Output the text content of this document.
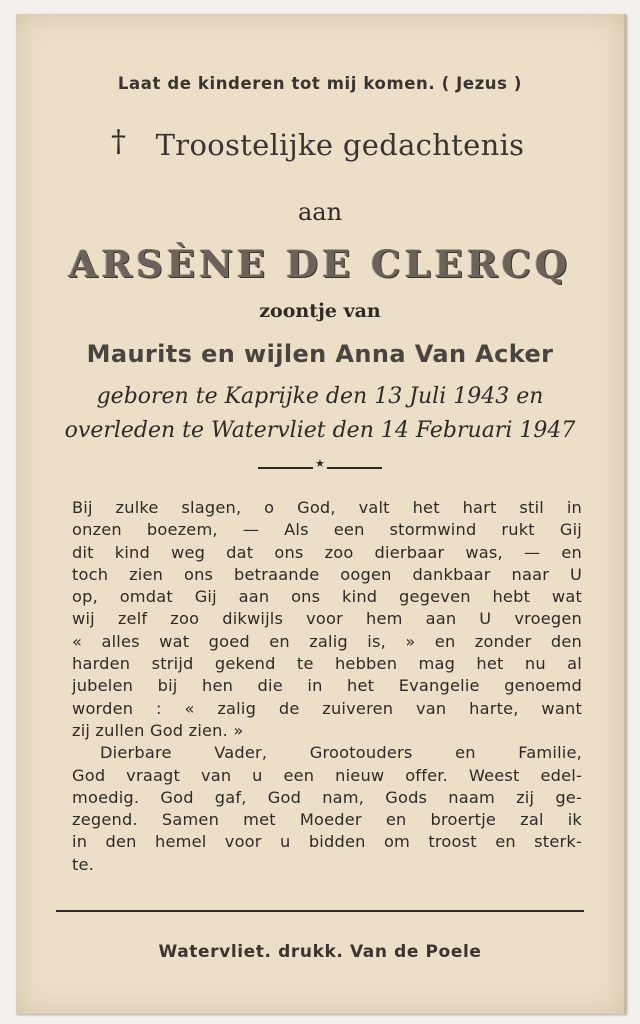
Laat de kinderen tot mij komen. ( Jezus )
†	Troostelijke gedachtenis
aan
ARSÈNE DE CLERCQ
zoontje van
Maurits en wijlen Anna Van Acker
geboren te Kaprijke den 13 Juli 1943 en
overleden te Watervliet den 14 Februari 1947
★
Bij zulke slagen, o God, valt het hart stil in
onzen boezem, — Als een stormwind rukt Gij
dit kind weg dat ons zoo dierbaar was, — en
toch zien ons betraande oogen dankbaar naar U
op, omdat Gij aan ons kind gegeven hebt wat
wij zelf zoo dikwijls voor hem aan U vroegen
« alles wat goed en zalig is, » en zonder den
harden strijd gekend te hebben mag het nu al
jubelen bij hen die in het Evangelie genoemd
worden : « zalig de zuiveren van harte, want
zij zullen God zien. »
Dierbare Vader, Grootouders en Familie,
God vraagt van u een nieuw offer. Weest edel-
moedig. God gaf, God nam, Gods naam zij ge-
zegend. Samen met Moeder en broertje zal ik
in den hemel voor u bidden om troost en sterk-
te.
Watervliet. drukk. Van de Poele
